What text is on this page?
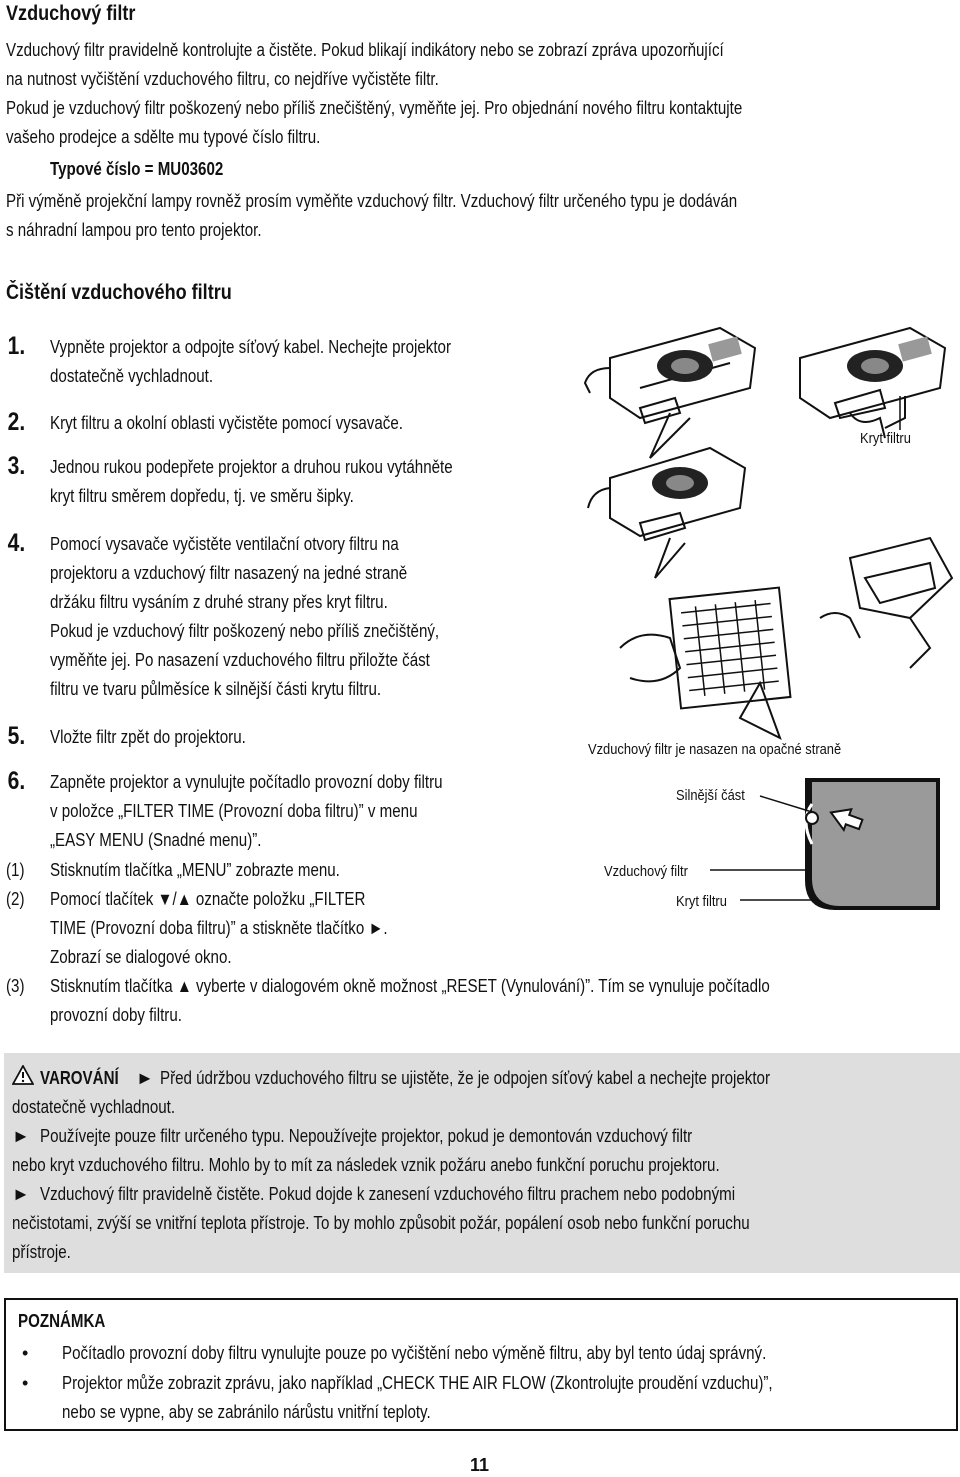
Vzduchový filtr
Vzduchový filtr pravidelně kontrolujte a čistěte. Pokud blikají indikátory nebo se zobrazí zpráva upozorňující
na nutnost vyčištění vzduchového filtru, co nejdříve vyčistěte filtr.
Pokud je vzduchový filtr poškozený nebo příliš znečištěný, vyměňte jej. Pro objednání nového filtru kontaktujte
vašeho prodejce a sdělte mu typové číslo filtru.
Typové číslo = MU03602
Při výměně projekční lampy rovněž prosím vyměňte vzduchový filtr. Vzduchový filtr určeného typu je dodáván
s náhradní lampou pro tento projektor.
Čištění vzduchového filtru
1. Vypněte projektor a odpojte síťový kabel. Nechejte projektor
dostatečně vychladnout.
2. Kryt filtru a okolní oblasti vyčistěte pomocí vysavače.
3. Jednou rukou podepřete projektor a druhou rukou vytáhněte
kryt filtru směrem dopředu, tj. ve směru šipky.
4. Pomocí vysavače vyčistěte ventilační otvory filtru na
projektoru a vzduchový filtr nasazený na jedné straně
držáku filtru vysáním z druhé strany přes kryt filtru.
Pokud je vzduchový filtr poškozený nebo příliš znečištěný,
vyměňte jej. Po nasazení vzduchového filtru přiložte část
filtru ve tvaru půlměsíce k silnější části krytu filtru.
5. Vložte filtr zpět do projektoru.
6. Zapněte projektor a vynulujte počítadlo provozní doby filtru
v položce „FILTER TIME (Provozní doba filtru)” v menu
„EASY MENU (Snadné menu)”.
(1) Stisknutím tlačítka „MENU” zobrazte menu.
(2) Pomocí tlačítek ▼/▲ označte položku „FILTER
TIME (Provozní doba filtru)” a stiskněte tlačítko ►.
Zobrazí se dialogové okno.
(3) Stisknutím tlačítka ▲ vyberte v dialogovém okně možnost „RESET (Vynulování)”. Tím se vynuluje počítadlo
provozní doby filtru.
Kryt filtru
Vzduchový filtr je nasazen na opačné straně
Silnější část
Vzduchový filtr
Kryt filtru
VAROVÁNÍ ► Před údržbou vzduchového filtru se ujistěte, že je odpojen síťový kabel a nechejte projektor
dostatečně vychladnout.
► Používejte pouze filtr určeného typu. Nepoužívejte projektor, pokud je demontován vzduchový filtr
nebo kryt vzduchového filtru. Mohlo by to mít za následek vznik požáru anebo funkční poruchu projektoru.
► Vzduchový filtr pravidelně čistěte. Pokud dojde k zanesení vzduchového filtru prachem nebo podobnými
nečistotami, zvýší se vnitřní teplota přístroje. To by mohlo způsobit požár, popálení osob nebo funkční poruchu
přístroje.
POZNÁMKA
• Počítadlo provozní doby filtru vynulujte pouze po vyčištění nebo výměně filtru, aby byl tento údaj správný.
• Projektor může zobrazit zprávu, jako například „CHECK THE AIR FLOW (Zkontrolujte proudění vzduchu)”,
nebo se vypne, aby se zabránilo nárůstu vnitřní teploty.
11
